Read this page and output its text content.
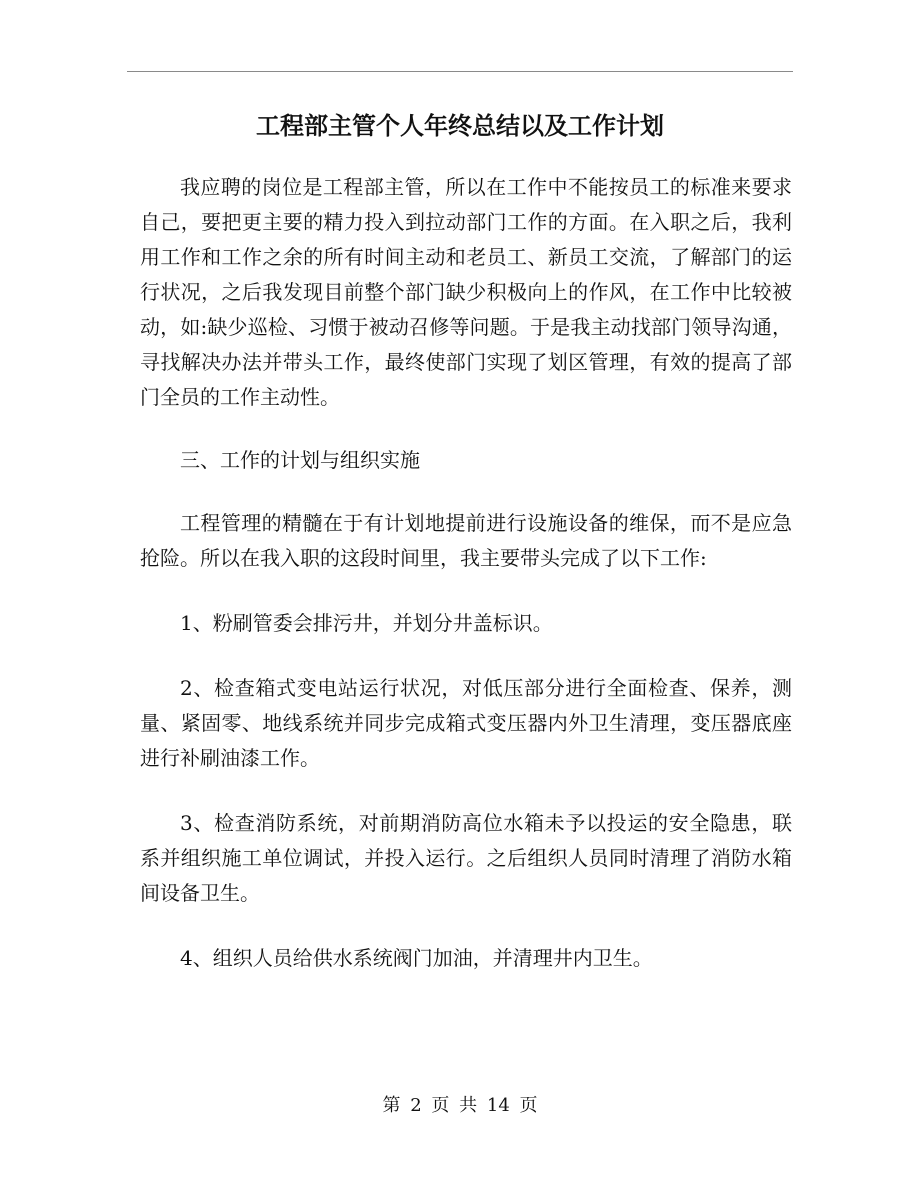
工程部主管个人年终总结以及工作计划

我应聘的岗位是工程部主管，所以在工作中不能按员工的标准来要求自己，要把更主要的精力投入到拉动部门工作的方面。在入职之后，我利用工作和工作之余的所有时间主动和老员工、新员工交流，了解部门的运行状况，之后我发现目前整个部门缺少积极向上的作风，在工作中比较被动，如:缺少巡检、习惯于被动召修等问题。于是我主动找部门领导沟通，寻找解决办法并带头工作，最终使部门实现了划区管理，有效的提高了部门全员的工作主动性。

三、工作的计划与组织实施

工程管理的精髓在于有计划地提前进行设施设备的维保，而不是应急抢险。所以在我入职的这段时间里，我主要带头完成了以下工作:

1、粉刷管委会排污井，并划分井盖标识。

2、检查箱式变电站运行状况，对低压部分进行全面检查、保养，测量、紧固零、地线系统并同步完成箱式变压器内外卫生清理，变压器底座进行补刷油漆工作。

3、检查消防系统，对前期消防高位水箱未予以投运的安全隐患，联系并组织施工单位调试，并投入运行。之后组织人员同时清理了消防水箱间设备卫生。

4、组织人员给供水系统阀门加油，并清理井内卫生。

第 2 页 共 14 页
